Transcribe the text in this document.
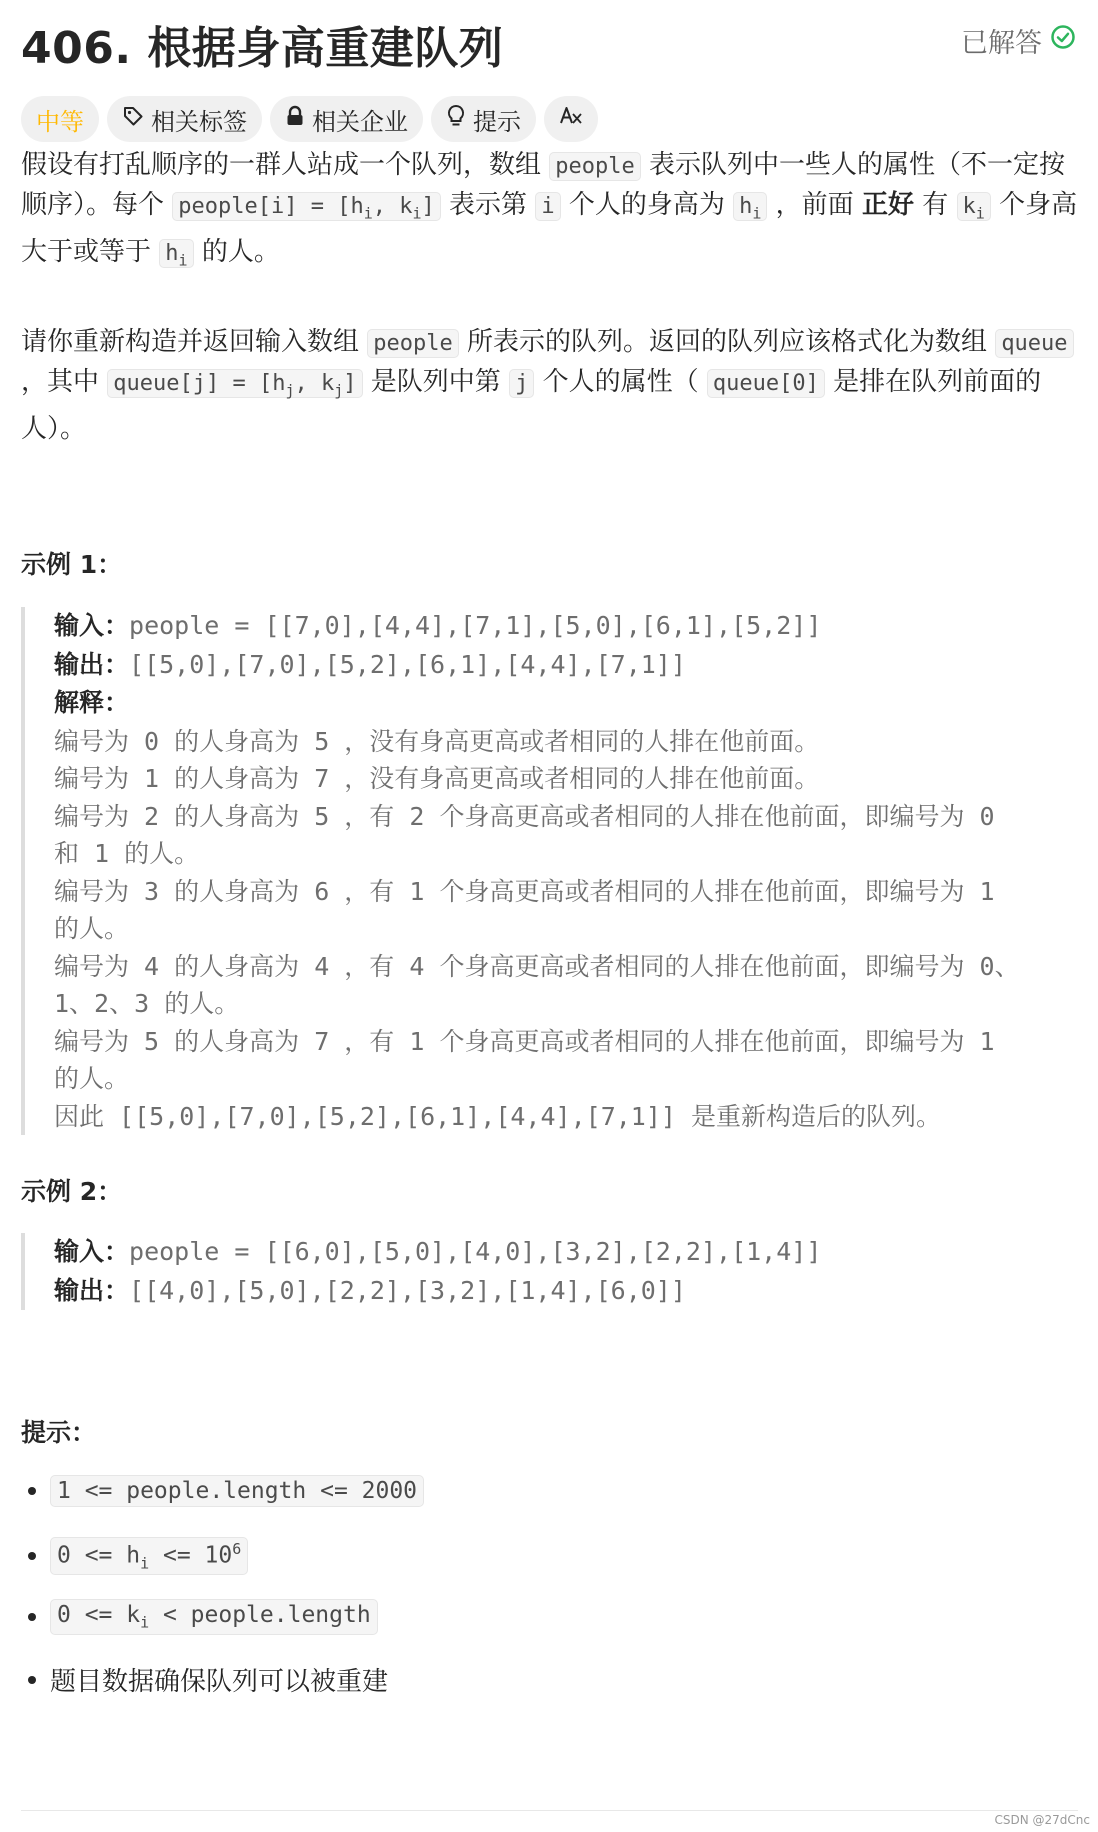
406. 根据身高重建队列	已解答
中等	相关标签	相关企业	提示
假设有打乱顺序的一群人站成一个队列，数组 people 表示队列中一些人的属性（不一定按顺序）。每个 people[i] = [$h_i$, $k_i$] 表示第 i 个人的身高为 $h_i$ ，前面 正好 有 $k_i$ 个身高大于或等于 $h_i$ 的人。
请你重新构造并返回输入数组 people 所表示的队列。返回的队列应该格式化为数组 queue ，其中 queue[j] = [$h_j$, $k_j$] 是队列中第 j 个人的属性（ queue[0] 是排在队列前面的人）。
示例 1：
输入：people = [[7,0],[4,4],[7,1],[5,0],[6,1],[5,2]]
输出：[[5,0],[7,0],[5,2],[6,1],[4,4],[7,1]]
解释：
编号为 0 的人身高为 5 ，没有身高更高或者相同的人排在他前面。
编号为 1 的人身高为 7 ，没有身高更高或者相同的人排在他前面。
编号为 2 的人身高为 5 ，有 2 个身高更高或者相同的人排在他前面，即编号为 0
和 1 的人。
编号为 3 的人身高为 6 ，有 1 个身高更高或者相同的人排在他前面，即编号为 1
的人。
编号为 4 的人身高为 4 ，有 4 个身高更高或者相同的人排在他前面，即编号为 0、
1、2、3 的人。
编号为 5 的人身高为 7 ，有 1 个身高更高或者相同的人排在他前面，即编号为 1
的人。
因此 [[5,0],[7,0],[5,2],[6,1],[4,4],[7,1]] 是重新构造后的队列。
示例 2：
输入：people = [[6,0],[5,0],[4,0],[3,2],[2,2],[1,4]]
输出：[[4,0],[5,0],[2,2],[3,2],[1,4],[6,0]]
提示：
1 <= people.length <= 2000
$0 <= h_i <= 10^6$
$0 <= k_i$ < people.length
题目数据确保队列可以被重建
CSDN @27dCnc
